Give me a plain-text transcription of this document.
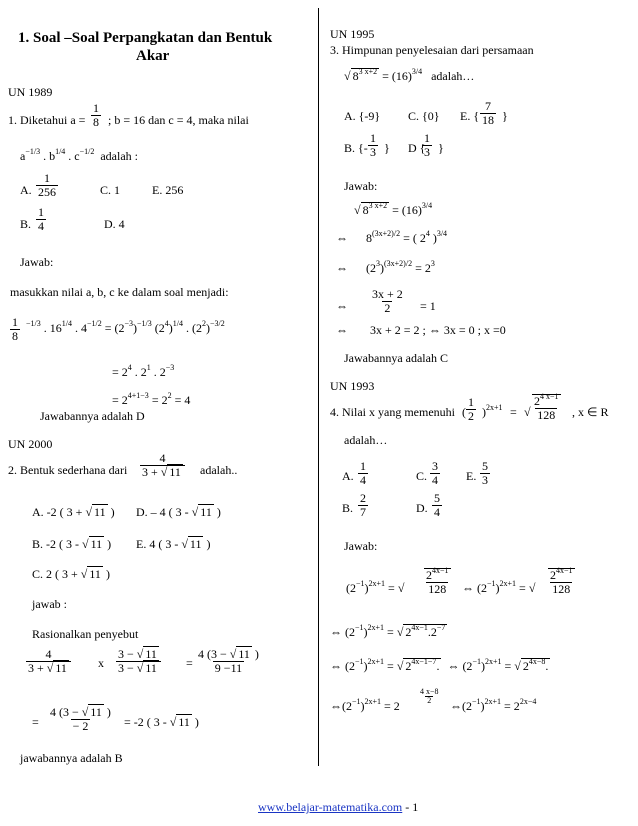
1. Soal –Soal Perpangkatan dan Bentuk
Akar
UN 1989
1. Diketahui $a = \frac{1}{8}$ ; b = 16 dan c = 4, maka nilai
$a^{-1/3}$ . $b^{1/4}$ . $c^{-1/2}$ adalah :
A. $\frac{1}{256}$	C. 1	E. 256
B. $\frac{1}{4}$	D. 4
Jawab:
masukkan nilai a, b, c ke dalam soal menjadi:
$\frac{1}{8} ^{-1/3}$ . $16^{1/4}$ . $4^{-1/2} = (2^{-3})^{-1/3}$ $(2^4)^{1/4}$ . $(2^2)^{-3/2}$
= $2^4$ . $2^1$ . $2^{-3}$
= $2^{4+1-3} = 2^2 = 4$
Jawabannya adalah D
UN 2000
2. Bentuk sederhana dari $\frac{4}{3 + √ 11}$ adalah..
A. -2 ( 3 + √ 11 ) D. – 4 ( 3 - √ 11 )
B. -2 ( 3 - √ 11 ) E. 4 ( 3 - √ 11 )
C. 2 ( 3 + √ 11 )
jawab :
Rasionalkan penyebut
$\frac{4}{3 + √ 11}$ x $\frac{3 - √ 11}{3 - √ 11} = \frac{4 (3 - √ 11 )}{9 -11}$
= $\frac{4 (3 - √ 11 )}{- 2} = -2$ ( 3 - √ 11 )
jawabannya adalah B
UN 1995
3. Himpunan penyelesaian dari persamaan
√ $8^{3 x+2} = (16)^{3/4}$ adalah…
A. {-9} C. {0} E. { $\frac{7}{18}$ }
B. {- $\frac{1}{3}$ } D {
$\frac{1}{3}$ }
Jawab:
√ $8^{3 x+2} = (16)^{3/4}$
⇔ $8^{(3x+2)/2}$ = ( $2^4$ )$^{3/4}$
⇔ $(2^3)^{(3x+2)/2} = 2^3$
⇔ $\frac{3x + 2}{2} = 1$
⇔ 3x + 2 = 2 ; ⇔ 3x = 0 ; x =0
Jawabannya adalah C
UN 1993
4. Nilai x yang memenuhi ( $\frac{1}{2} )^{2x+1}$ = √ $\frac{2^{4 x-1}}{128}$ , x ∈ R
adalah…
A. $\frac{1}{4}$	C. $\frac{3}{4} E$. $\frac{5}{3}$
B. $\frac{2}{7}$	D. $\frac{5}{4}$
Jawab:
$(2^{-1})^{2x+1}$ = √ $\frac{2^{4x-1}}{128}$ ⇔ $(2^{-1})^{2x+1}$ = √ $\frac{2^{4x-1}}{128}$
⇔ $(2^{-1})^{2x+1}$ = √ $2^{4x-1}.2^{-7}$
⇔ $(2^{-1})^{2x+1}$ = √ $2^{4x-1-7}$. ⇔ $(2^{-1})^{2x+1}$ = √ $2^{4x-8}$.
$\Leftrightarrow(2^{-1})^{2x+1} = 2$
$\frac{4 x-8}{2}$
$\Leftrightarrow(2^{-1})^{2x+1} = 2^{2x-4}$
www.belajar-matematika.com - 1
